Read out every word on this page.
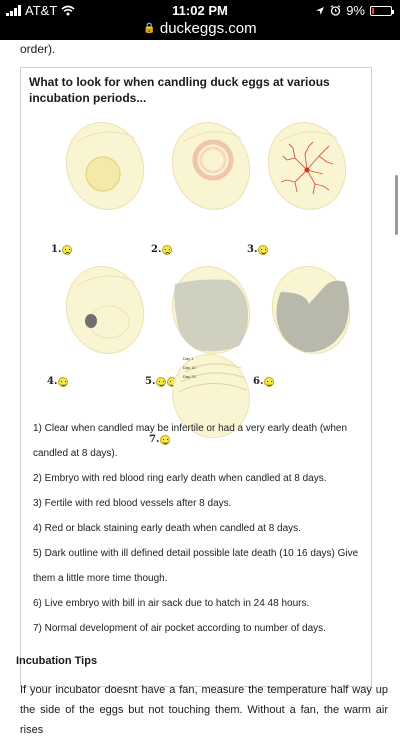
AT&T	11:02 PM	9%
🔒 duckeggs.com
order).
What to look for when candling duck eggs at various incubation periods...
1.	2.	3.
4.	5.	6.
Day 1
Day 10
Day 20
7.

1) Clear when candled may be infertile or had a very early death (when candled at 8 days).

2) Embryo with red blood ring early death when candled at 8 days.

3) Fertile with red blood vessels after 8 days.

4) Red or black staining early death when candled at 8 days.

5) Dark outline with ill defined detail possible late death (10 16 days) Give them a little more time though.

6) Live embryo with bill in air sack due to hatch in 24 48 hours.

7) Normal development of air pocket according to number of days.

Incubation Tips
If your incubator doesnt have a fan, measure the temperature half way up the side of the eggs but not touching them. Without a fan, the warm air rises
